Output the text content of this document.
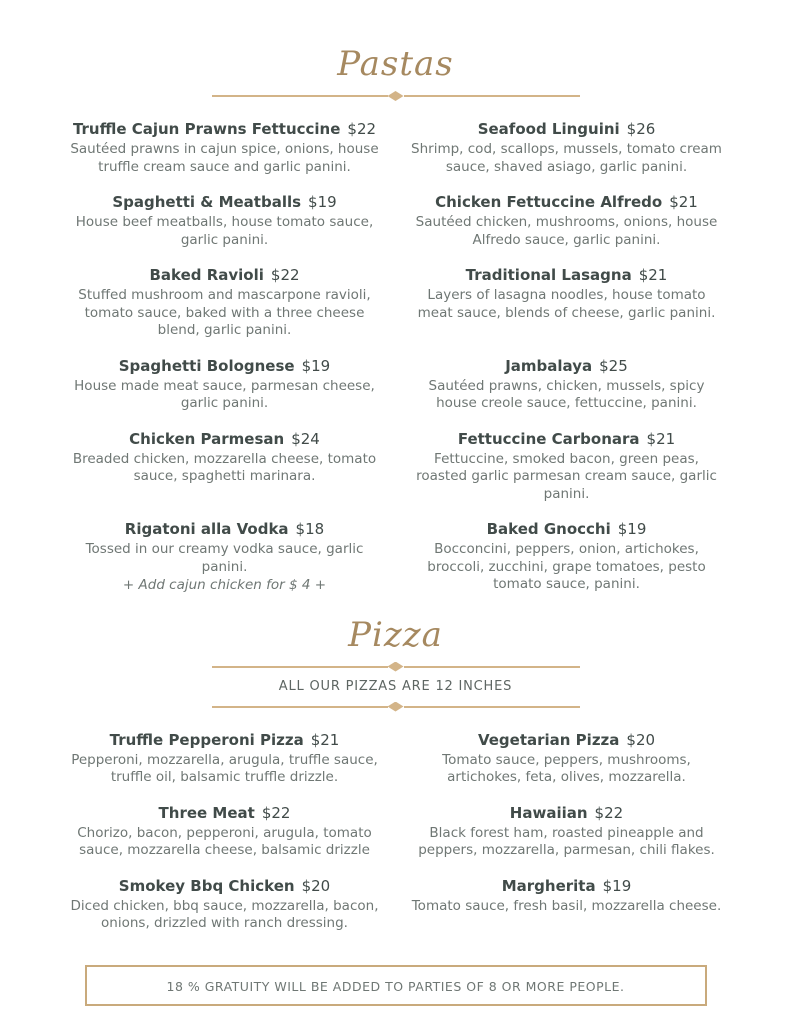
Pastas
Truffle Cajun Prawns Fettuccine $22
Sautéed prawns in cajun spice, onions, house truffle cream sauce and garlic panini.
Seafood Linguini $26
Shrimp, cod, scallops, mussels, tomato cream sauce, shaved asiago, garlic panini.
Spaghetti & Meatballs $19
House beef meatballs, house tomato sauce, garlic panini.
Chicken Fettuccine Alfredo $21
Sautéed chicken, mushrooms, onions, house Alfredo sauce, garlic panini.
Baked Ravioli $22
Stuffed mushroom and mascarpone ravioli, tomato sauce, baked with a three cheese blend, garlic panini.
Traditional Lasagna $21
Layers of lasagna noodles, house tomato meat sauce, blends of cheese, garlic panini.
Spaghetti Bolognese $19
House made meat sauce, parmesan cheese, garlic panini.
Jambalaya $25
Sautéed prawns, chicken, mussels, spicy house creole sauce, fettuccine, panini.
Chicken Parmesan $24
Breaded chicken, mozzarella cheese, tomato sauce, spaghetti marinara.
Fettuccine Carbonara $21
Fettuccine, smoked bacon, green peas, roasted garlic parmesan cream sauce, garlic panini.
Rigatoni alla Vodka $18
Tossed in our creamy vodka sauce, garlic panini.
+ Add cajun chicken for $ 4 +
Baked Gnocchi $19
Bocconcini, peppers, onion, artichokes, broccoli, zucchini, grape tomatoes, pesto tomato sauce, panini.
Pizza
ALL OUR PIZZAS ARE 12 INCHES
Truffle Pepperoni Pizza $21
Pepperoni, mozzarella, arugula, truffle sauce, truffle oil, balsamic truffle drizzle.
Vegetarian Pizza $20
Tomato sauce, peppers, mushrooms, artichokes, feta, olives, mozzarella.
Three Meat $22
Chorizo, bacon, pepperoni, arugula, tomato sauce, mozzarella cheese, balsamic drizzle
Hawaiian $22
Black forest ham, roasted pineapple and peppers, mozzarella, parmesan, chili flakes.
Smokey Bbq Chicken $20
Diced chicken, bbq sauce, mozzarella, bacon, onions, drizzled with ranch dressing.
Margherita $19
Tomato sauce, fresh basil, mozzarella cheese.
18 % GRATUITY WILL BE ADDED TO PARTIES OF 8 OR MORE PEOPLE.
